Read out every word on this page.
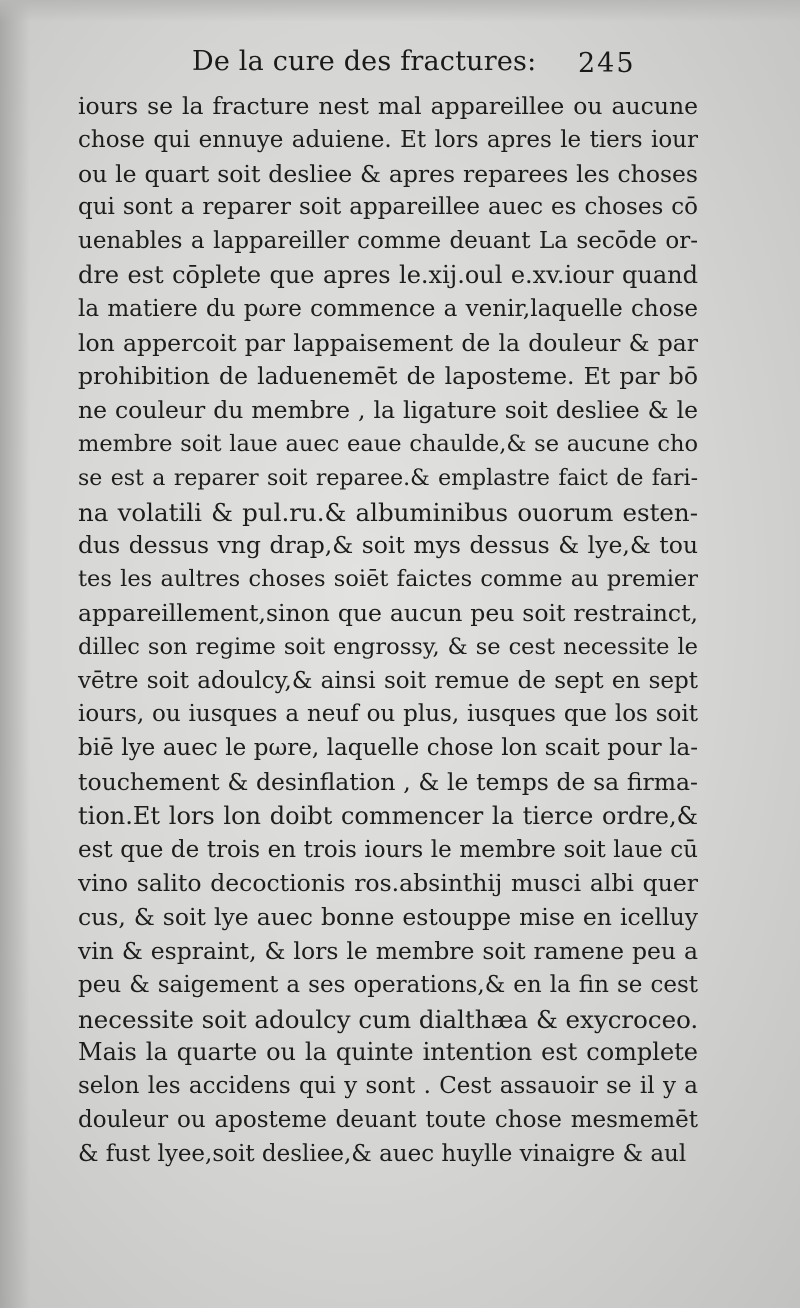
De la cure des fractures: 245
iours se la fracture nest mal appareillee ou aucune
chose qui ennuye aduiene. Et lors apres le tiers iour
ou le quart soit desliee & apres reparees les choses
qui sont a reparer soit appareillee auec es choses cō
uenables a lappareiller comme deuant La secōde or-
dre est cōplete que apres le.xij.oul e.xv.iour quand
la matiere du pωre commence a venir,laquelle chose
lon appercoit par lappaisement de la douleur & par
prohibition de laduenemēt de laposteme. Et par bō
ne couleur du membre , la ligature soit desliee & le
membre soit laue auec eaue chaulde,& se aucune cho
se est a reparer soit reparee.& emplastre faict de fari-
na volatili & pul.ru.& albuminibus ouorum esten-
dus dessus vng drap,& soit mys dessus & lye,& tou
tes les aultres choses soiēt faictes comme au premier
appareillement,sinon que aucun peu soit restrainct,
dillec son regime soit engrossy, & se cest necessite le
vētre soit adoulcy,& ainsi soit remue de sept en sept
iours, ou iusques a neuf ou plus, iusques que los soit
biē lye auec le pωre, laquelle chose lon scait pour la-
touchement & desinflation , & le temps de sa firma-
tion.Et lors lon doibt commencer la tierce ordre,&
est que de trois en trois iours le membre soit laue cū
vino salito decoctionis ros.absinthij musci albi quer
cus, & soit lye auec bonne estouppe mise en icelluy
vin & espraint, & lors le membre soit ramene peu a
peu & saigement a ses operations,& en la fin se cest
necessite soit adoulcy cum dialthæa & exycroceo.
Mais la quarte ou la quinte intention est complete
selon les accidens qui y sont . Cest assauoir se il y a
douleur ou aposteme deuant toute chose mesmemēt
& fust lyee,soit desliee,& auec huylle vinaigre & aul
